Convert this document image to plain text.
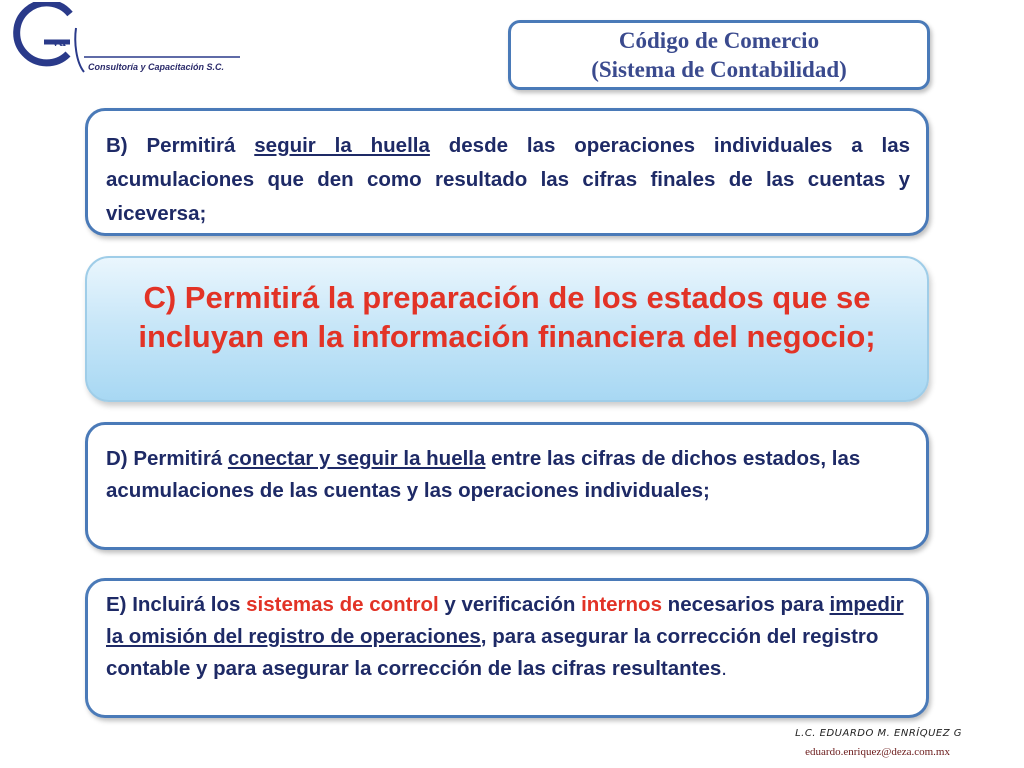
va
Consultoría y Capacitación S.C.
Código de Comercio
(Sistema de Contabilidad)
B) Permitirá seguir la huella desde las operaciones individuales a las acumulaciones que den como resultado las cifras finales de las cuentas y viceversa;
C) Permitirá la preparación de los estados que se incluyan en la información financiera del negocio;
D) Permitirá conectar y seguir la huella entre las cifras de dichos estados, las acumulaciones de las cuentas y las operaciones individuales;
E) Incluirá los sistemas de control y verificación internos necesarios para impedir la omisión del registro de operaciones, para asegurar la corrección del registro contable y para asegurar la corrección de las cifras resultantes.
L.C. EDUARDO M. ENRÍQUEZ G
eduardo.enriquez@deza.com.mx
